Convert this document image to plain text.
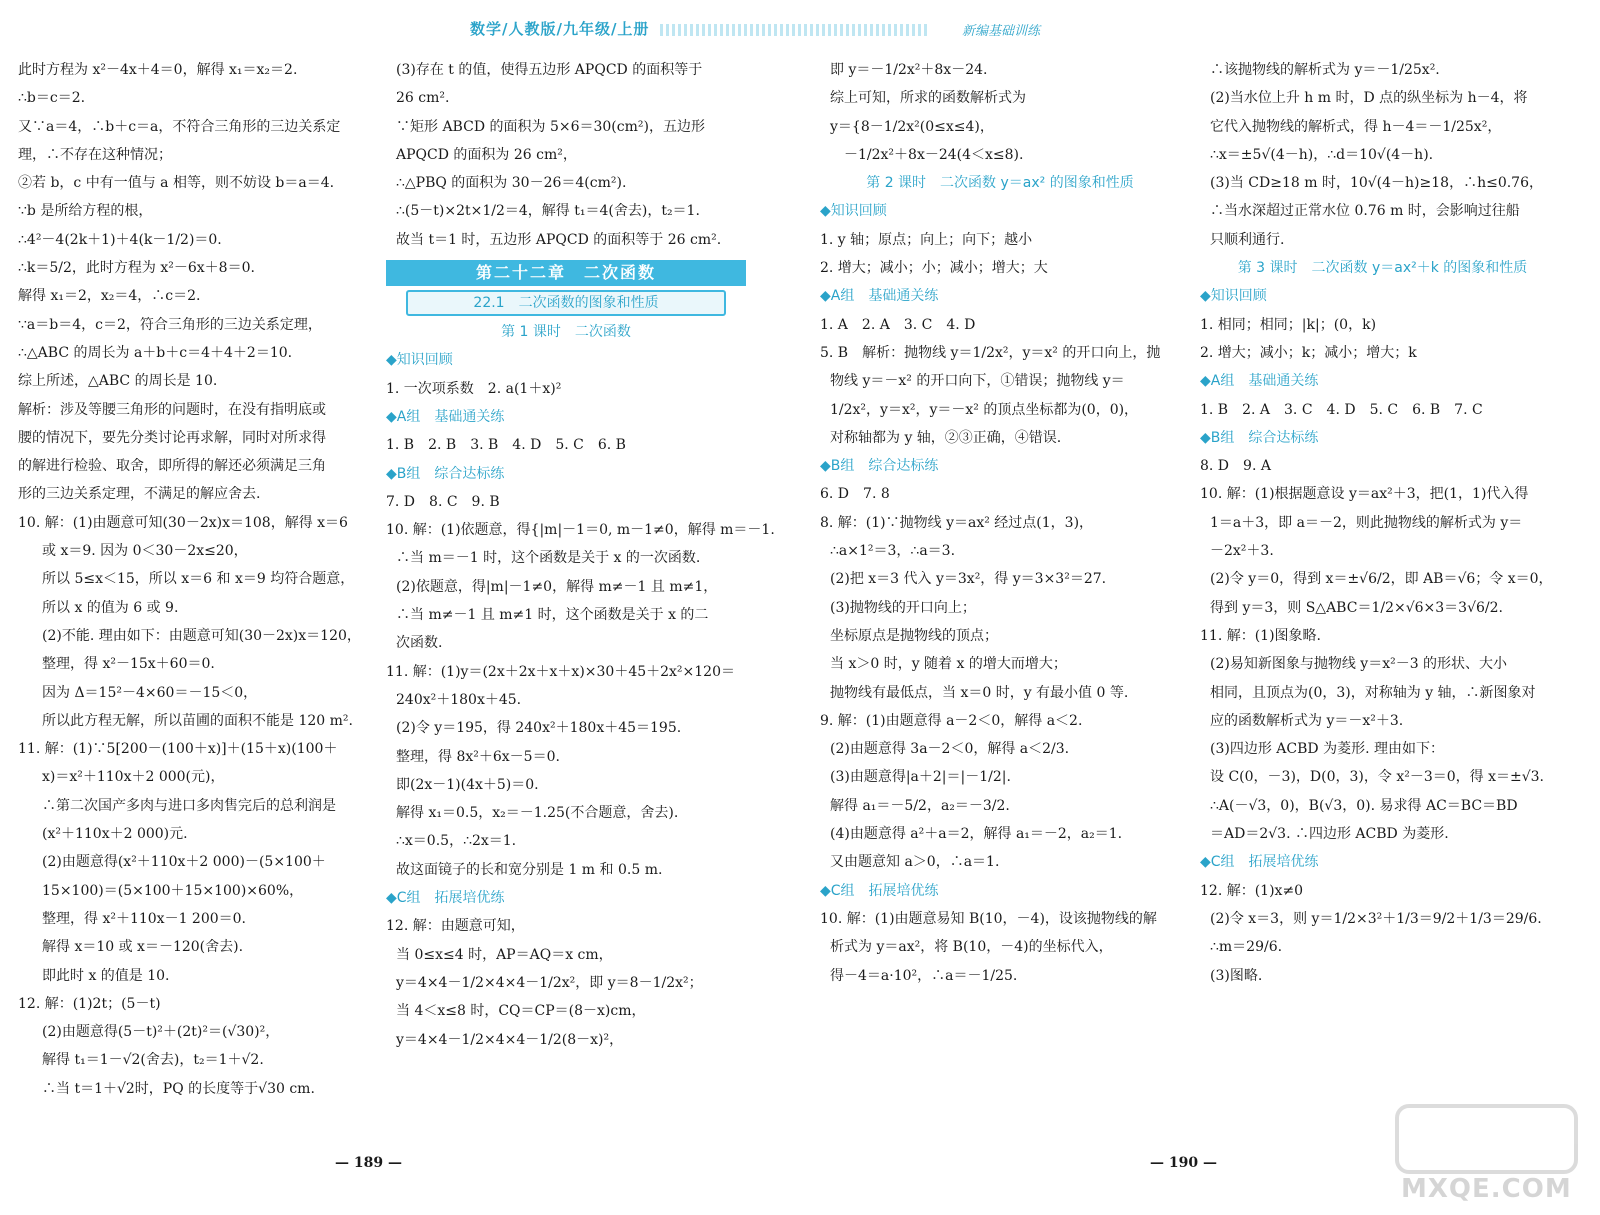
数学/人教版/九年级/上册	新编基础训练
此时方程为 x²－4x＋4＝0，解得 x₁＝x₂＝2.
∴b＝c＝2.
又∵a＝4，∴b＋c＝a，不符合三角形的三边关系定
理，∴不存在这种情况；
②若 b，c 中有一值与 a 相等，则不妨设 b＝a＝4.
∵b 是所给方程的根，
∴4²－4(2k＋1)＋4(k－1/2)＝0.
∴k＝5/2，此时方程为 x²－6x＋8＝0.
解得 x₁＝2，x₂＝4，∴c＝2.
∵a＝b＝4，c＝2，符合三角形的三边关系定理，
∴△ABC 的周长为 a＋b＋c＝4＋4＋2＝10.
综上所述，△ABC 的周长是 10.
解析：涉及等腰三角形的问题时，在没有指明底或
腰的情况下，要先分类讨论再求解，同时对所求得
的解进行检验、取舍，即所得的解还必须满足三角
形的三边关系定理，不满足的解应舍去.
10. 解：(1)由题意可知(30－2x)x＝108，解得 x＝6
或 x＝9. 因为 0＜30－2x≤20，
所以 5≤x＜15，所以 x＝6 和 x＝9 均符合题意，
所以 x 的值为 6 或 9.
(2)不能. 理由如下：由题意可知(30－2x)x＝120，
整理，得 x²－15x＋60＝0.
因为 Δ＝15²－4×60＝－15＜0，
所以此方程无解，所以苗圃的面积不能是 120 m².
11. 解：(1)∵5[200－(100＋x)]＋(15＋x)(100＋
x)＝x²＋110x＋2 000(元)，
∴第二次国产多肉与进口多肉售完后的总利润是
(x²＋110x＋2 000)元.
(2)由题意得(x²＋110x＋2 000)－(5×100＋
15×100)＝(5×100＋15×100)×60%，
整理，得 x²＋110x－1 200＝0.
解得 x＝10 或 x＝－120(舍去).
即此时 x 的值是 10.
12. 解：(1)2t；(5－t)
(2)由题意得(5－t)²＋(2t)²＝(√30)²，
解得 t₁＝1－√2(舍去)，t₂＝1＋√2.
∴当 t＝1＋√2时，PQ 的长度等于√30 cm.
(3)存在 t 的值，使得五边形 APQCD 的面积等于
26 cm².
∵矩形 ABCD 的面积为 5×6＝30(cm²)，五边形
APQCD 的面积为 26 cm²，
∴△PBQ 的面积为 30－26＝4(cm²).
∴(5－t)×2t×1/2＝4，解得 t₁＝4(舍去)，t₂＝1.
故当 t＝1 时，五边形 APQCD 的面积等于 26 cm².
第二十二章　二次函数
22.1　二次函数的图象和性质
第 1 课时　二次函数
◆知识回顾
1. 一次项系数　2. a(1＋x)²
◆A组　基础通关练
1. B　2. B　3. B　4. D　5. C　6. B
◆B组　综合达标练
7. D　8. C　9. B
10. 解：(1)依题意，得{|m|－1＝0, m－1≠0，解得 m＝－1.
∴当 m＝－1 时，这个函数是关于 x 的一次函数.
(2)依题意，得|m|－1≠0，解得 m≠－1 且 m≠1，
∴当 m≠－1 且 m≠1 时，这个函数是关于 x 的二
次函数.
11. 解：(1)y＝(2x＋2x＋x＋x)×30＋45＋2x²×120＝
240x²＋180x＋45.
(2)令 y＝195，得 240x²＋180x＋45＝195.
整理，得 8x²＋6x－5＝0.
即(2x－1)(4x＋5)＝0.
解得 x₁＝0.5，x₂＝－1.25(不合题意，舍去).
∴x＝0.5，∴2x＝1.
故这面镜子的长和宽分别是 1 m 和 0.5 m.
◆C组　拓展培优练
12. 解：由题意可知，
当 0≤x≤4 时，AP＝AQ＝x cm，
y＝4×4－1/2×4×4－1/2x²，即 y＝8－1/2x²；
当 4＜x≤8 时，CQ＝CP＝(8－x)cm，
y＝4×4－1/2×4×4－1/2(8－x)²，
即 y＝－1/2x²＋8x－24.
综上可知，所求的函数解析式为
y＝{8－1/2x²(0≤x≤4)，
－1/2x²＋8x－24(4＜x≤8).
第 2 课时　二次函数 y＝ax² 的图象和性质
◆知识回顾
1. y 轴；原点；向上；向下；越小
2. 增大；减小；小；减小；增大；大
◆A组　基础通关练
1. A　2. A　3. C　4. D
5. B　解析：抛物线 y＝1/2x²，y＝x² 的开口向上，抛
物线 y＝－x² 的开口向下，①错误；抛物线 y＝
1/2x²，y＝x²，y＝－x² 的顶点坐标都为(0，0)，
对称轴都为 y 轴，②③正确，④错误.
◆B组　综合达标练
6. D　7. 8
8. 解：(1)∵抛物线 y＝ax² 经过点(1，3)，
∴a×1²＝3，∴a＝3.
(2)把 x＝3 代入 y＝3x²，得 y＝3×3²＝27.
(3)抛物线的开口向上；
坐标原点是抛物线的顶点；
当 x＞0 时，y 随着 x 的增大而增大；
抛物线有最低点，当 x＝0 时，y 有最小值 0 等.
9. 解：(1)由题意得 a－2＜0，解得 a＜2.
(2)由题意得 3a－2＜0，解得 a＜2/3.
(3)由题意得|a＋2|＝|－1/2|.
解得 a₁＝－5/2，a₂＝－3/2.
(4)由题意得 a²＋a＝2，解得 a₁＝－2，a₂＝1.
又由题意知 a＞0，∴a＝1.
◆C组　拓展培优练
10. 解：(1)由题意易知 B(10，－4)，设该抛物线的解
析式为 y＝ax²，将 B(10，－4)的坐标代入，
得－4＝a·10²，∴a＝－1/25.
∴该抛物线的解析式为 y＝－1/25x².
(2)当水位上升 h m 时，D 点的纵坐标为 h－4，将
它代入抛物线的解析式，得 h－4＝－1/25x²，
∴x＝±5√(4－h)，∴d＝10√(4－h).
(3)当 CD≥18 m 时，10√(4－h)≥18，∴h≤0.76，
∴当水深超过正常水位 0.76 m 时，会影响过往船
只顺利通行.
第 3 课时　二次函数 y＝ax²＋k 的图象和性质
◆知识回顾
1. 相同；相同；|k|；(0，k)
2. 增大；减小；k；减小；增大；k
◆A组　基础通关练
1. B　2. A　3. C　4. D　5. C　6. B　7. C
◆B组　综合达标练
8. D　9. A
10. 解：(1)根据题意设 y＝ax²＋3，把(1，1)代入得
1＝a＋3，即 a＝－2，则此抛物线的解析式为 y＝
－2x²＋3.
(2)令 y＝0，得到 x＝±√6/2，即 AB＝√6；令 x＝0，
得到 y＝3，则 S△ABC＝1/2×√6×3＝3√6/2.
11. 解：(1)图象略.
(2)易知新图象与抛物线 y＝x²－3 的形状、大小
相同，且顶点为(0，3)，对称轴为 y 轴，∴新图象对
应的函数解析式为 y＝－x²＋3.
(3)四边形 ACBD 为菱形. 理由如下：
设 C(0，－3)，D(0，3)，令 x²－3＝0，得 x＝±√3.
∴A(－√3，0)，B(√3，0). 易求得 AC＝BC＝BD
＝AD＝2√3. ∴四边形 ACBD 为菱形.
◆C组　拓展培优练
12. 解：(1)x≠0
(2)令 x＝3，则 y＝1/2×3²＋1/3＝9/2＋1/3＝29/6.
∴m＝29/6.
(3)图略.
— 189 —	— 190 —
MXQE.COM
